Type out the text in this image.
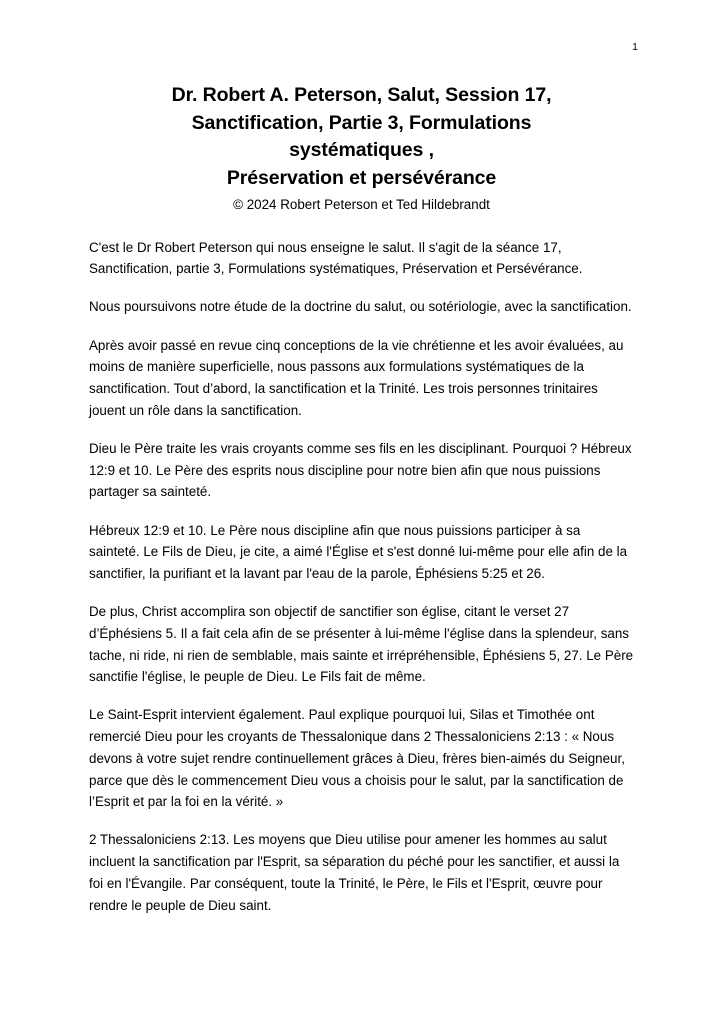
1
Dr. Robert A. Peterson, Salut, Session 17,
Sanctification, Partie 3, Formulations
systématiques ,
Préservation et persévérance
© 2024 Robert Peterson et Ted Hildebrandt

C'est le Dr Robert Peterson qui nous enseigne le salut. Il s'agit de la séance 17, Sanctification, partie 3, Formulations systématiques, Préservation et Persévérance.

Nous poursuivons notre étude de la doctrine du salut, ou sotériologie, avec la sanctification.

Après avoir passé en revue cinq conceptions de la vie chrétienne et les avoir évaluées, au moins de manière superficielle, nous passons aux formulations systématiques de la sanctification. Tout d’abord, la sanctification et la Trinité. Les trois personnes trinitaires jouent un rôle dans la sanctification.

Dieu le Père traite les vrais croyants comme ses fils en les disciplinant. Pourquoi ? Hébreux 12:9 et 10. Le Père des esprits nous discipline pour notre bien afin que nous puissions partager sa sainteté.

Hébreux 12:9 et 10. Le Père nous discipline afin que nous puissions participer à sa sainteté. Le Fils de Dieu, je cite, a aimé l'Église et s'est donné lui-même pour elle afin de la sanctifier, la purifiant et la lavant par l'eau de la parole, Éphésiens 5:25 et 26.

De plus, Christ accomplira son objectif de sanctifier son église, citant le verset 27 d’Éphésiens 5. Il a fait cela afin de se présenter à lui-même l'église dans la splendeur, sans tache, ni ride, ni rien de semblable, mais sainte et irrépréhensible, Éphésiens 5, 27. Le Père sanctifie l'église, le peuple de Dieu. Le Fils fait de même.

Le Saint-Esprit intervient également. Paul explique pourquoi lui, Silas et Timothée ont remercié Dieu pour les croyants de Thessalonique dans 2 Thessaloniciens 2:13 : « Nous devons à votre sujet rendre continuellement grâces à Dieu, frères bien-aimés du Seigneur, parce que dès le commencement Dieu vous a choisis pour le salut, par la sanctification de l’Esprit et par la foi en la vérité. »

2 Thessaloniciens 2:13. Les moyens que Dieu utilise pour amener les hommes au salut incluent la sanctification par l'Esprit, sa séparation du péché pour les sanctifier, et aussi la foi en l'Évangile. Par conséquent, toute la Trinité, le Père, le Fils et l'Esprit, œuvre pour rendre le peuple de Dieu saint.
